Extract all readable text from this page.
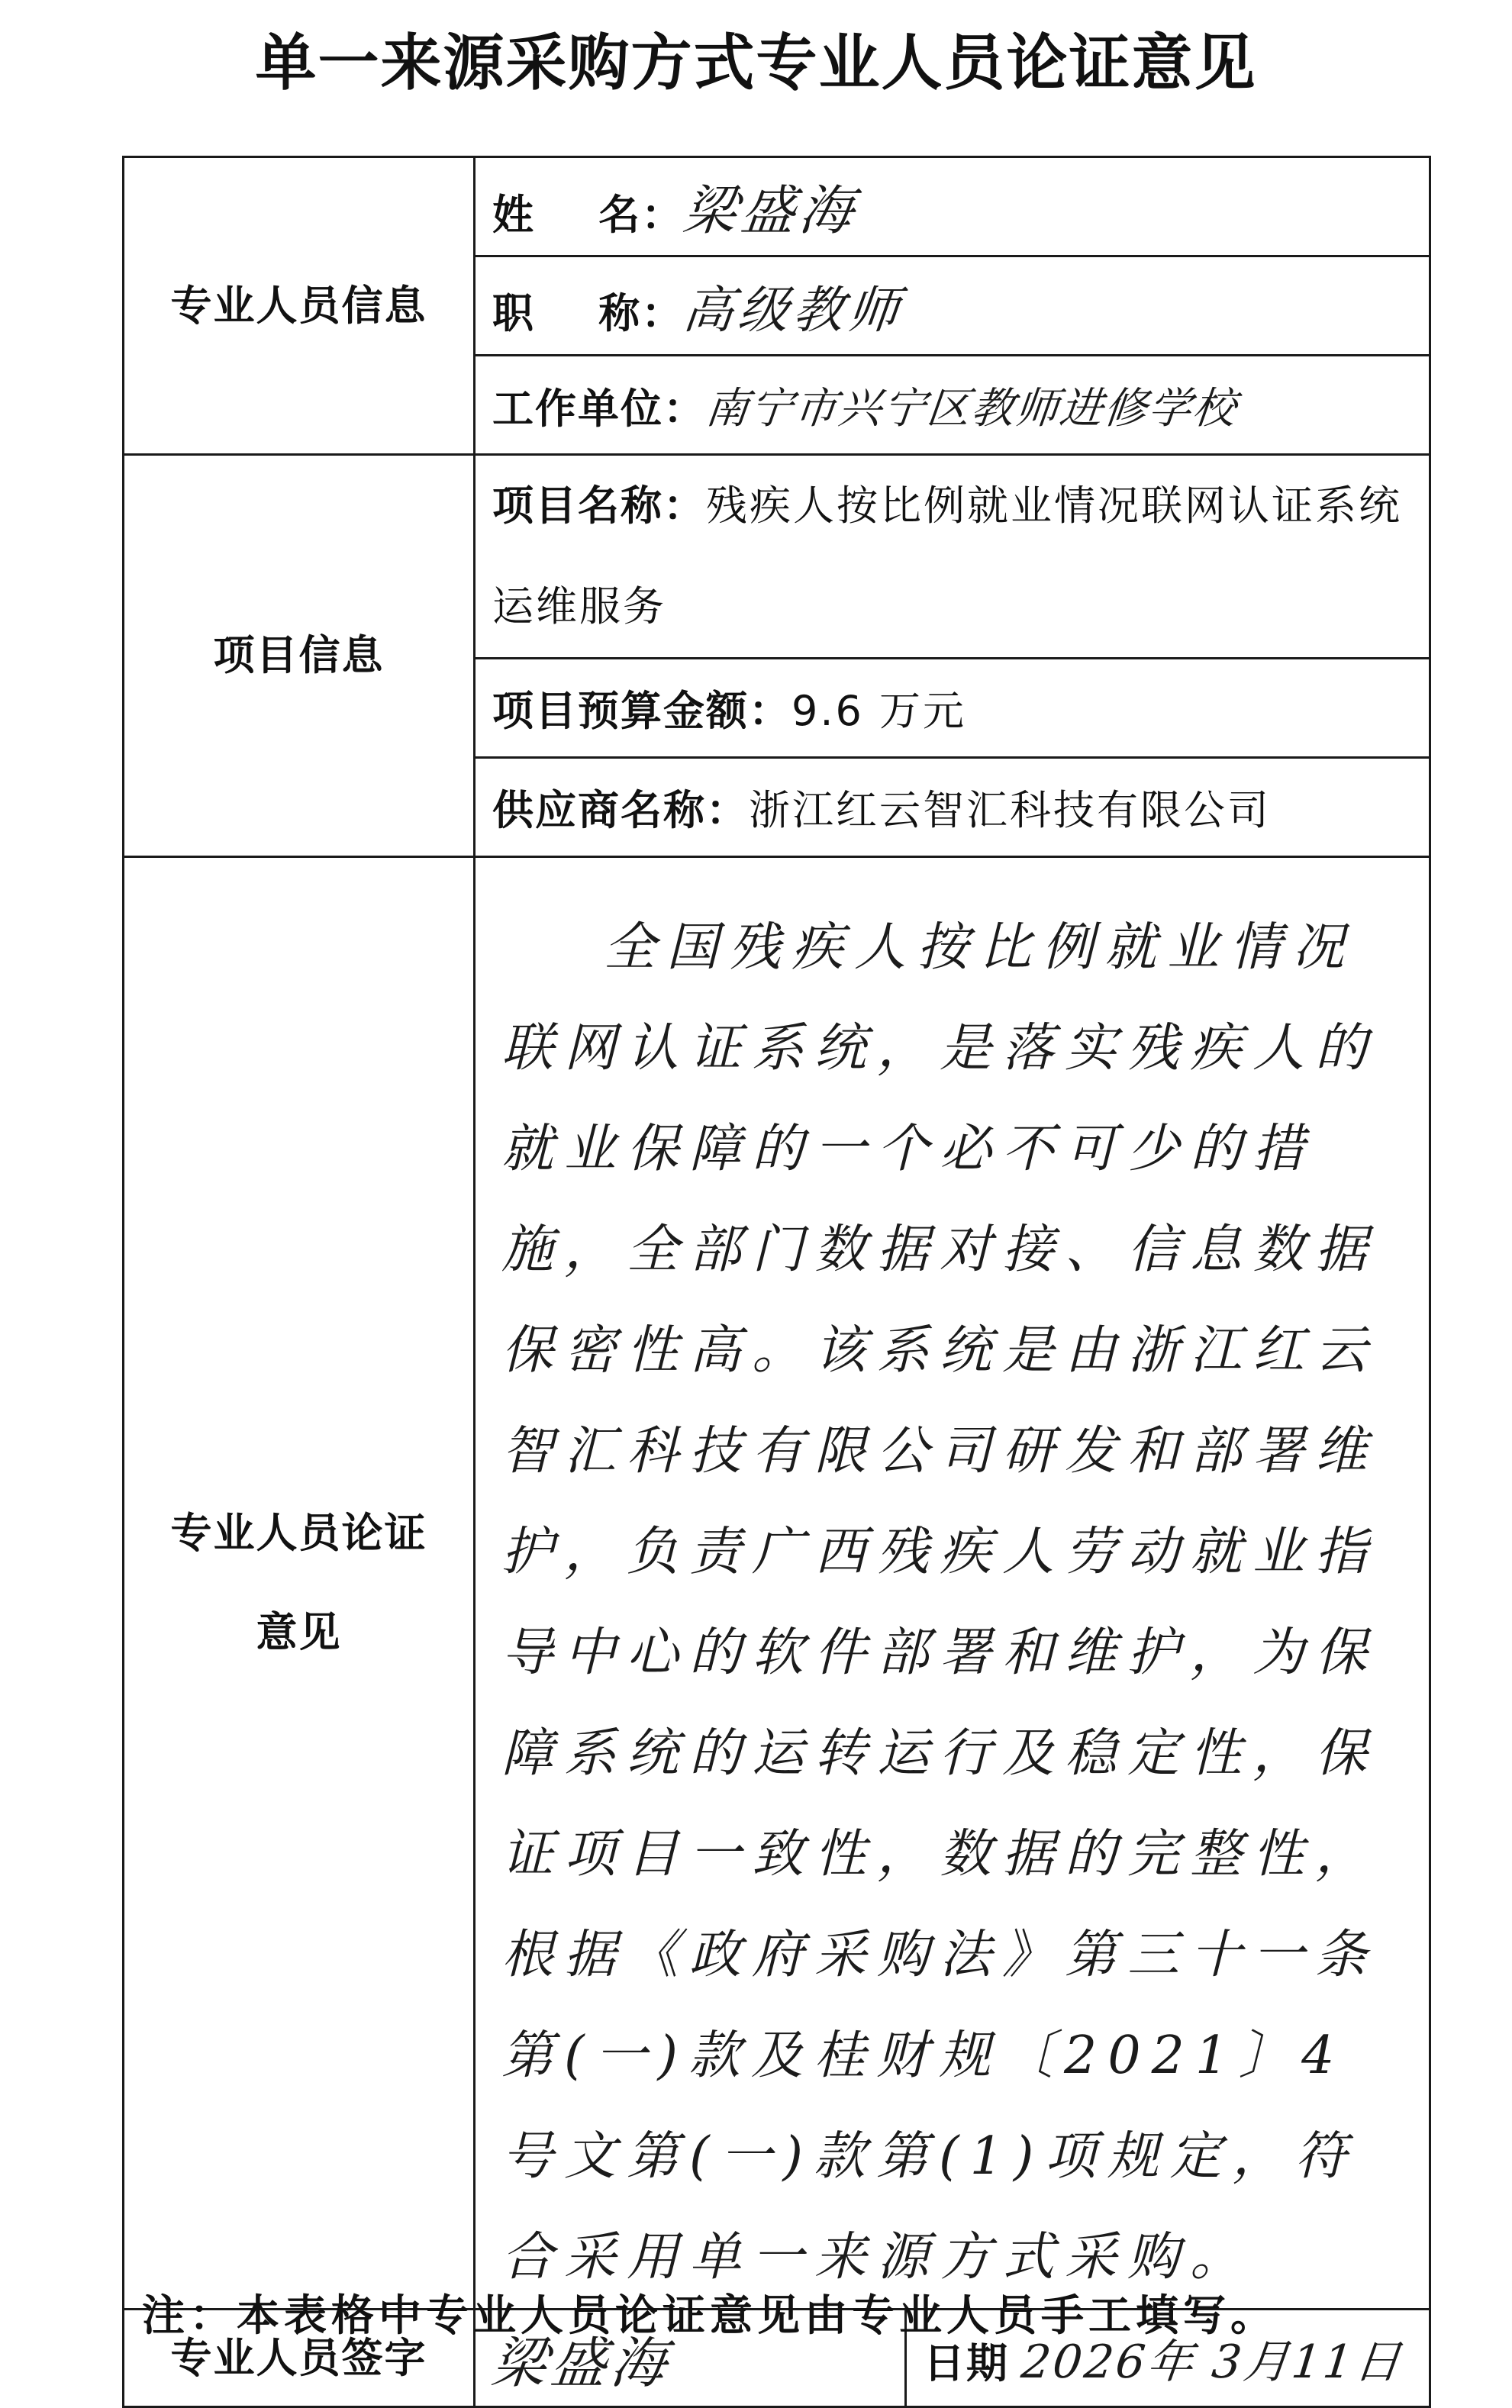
单一来源采购方式专业人员论证意见
专业人员信息	姓    名：梁盛海	
	职    称：高级教师	
	工作单位：南宁市兴宁区教师进修学校	
项目信息	项目名称：残疾人按比例就业情况联网认证系统运维服务	
	项目预算金额：9.6 万元	
	供应商名称：浙江红云智汇科技有限公司	
专业人员论证
意见	全国残疾人按比例就业情况联网认证系统，是落实残疾人的就业保障的一个必不可少的措施，全部门数据对接、信息数据保密性高。该系统是由浙江红云智汇科技有限公司研发和部署维护，负责广西残疾人劳动就业指导中心的软件部署和维护，为保障系统的运转运行及稳定性，保证项目一致性，数据的完整性，根据《政府采购法》第三十一条第(一)款及桂财规〔2021〕4号文第(一)款第(1)项规定，符合采用单一来源方式采购。	
专业人员签字	梁盛海	日期 2026年 3月11日
注：本表格中专业人员论证意见由专业人员手工填写。
